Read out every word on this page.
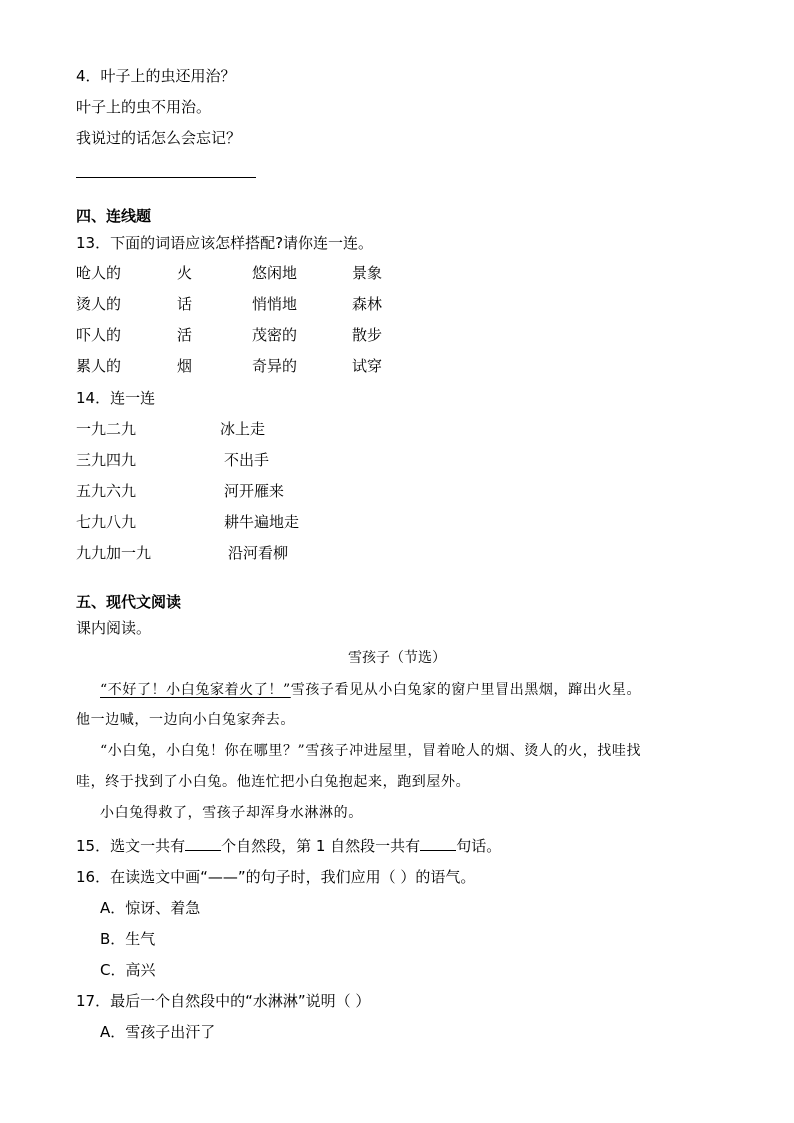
4．叶子上的虫还用治？
叶子上的虫不用治。
我说过的话怎么会忘记？
四、连线题
13．下面的词语应该怎样搭配?请你连一连。
呛人的	火	悠闲地	景象
烫人的	话	悄悄地	森林
吓人的	活	茂密的	散步
累人的	烟	奇异的	试穿
14．连一连
一九二九	冰上走
三九四九	不出手
五九六九	河开雁来
七九八九	耕牛遍地走
九九加一九	沿河看柳
五、现代文阅读
课内阅读。
雪孩子（节选）
“不好了！小白兔家着火了！”雪孩子看见从小白兔家的窗户里冒出黑烟，蹿出火星。
他一边喊，一边向小白兔家奔去。
“小白兔，小白兔！你在哪里？”雪孩子冲进屋里，冒着呛人的烟、烫人的火，找哇找
哇，终于找到了小白兔。他连忙把小白兔抱起来，跑到屋外。
小白兔得救了，雪孩子却浑身水淋淋的。
15．选文一共有 个自然段，第 1 自然段一共有 句话。
16．在读选文中画“——”的句子时，我们应用（ ）的语气。
A．惊讶、着急
B．生气
C．高兴
17．最后一个自然段中的“水淋淋”说明（ ）
A．雪孩子出汗了
